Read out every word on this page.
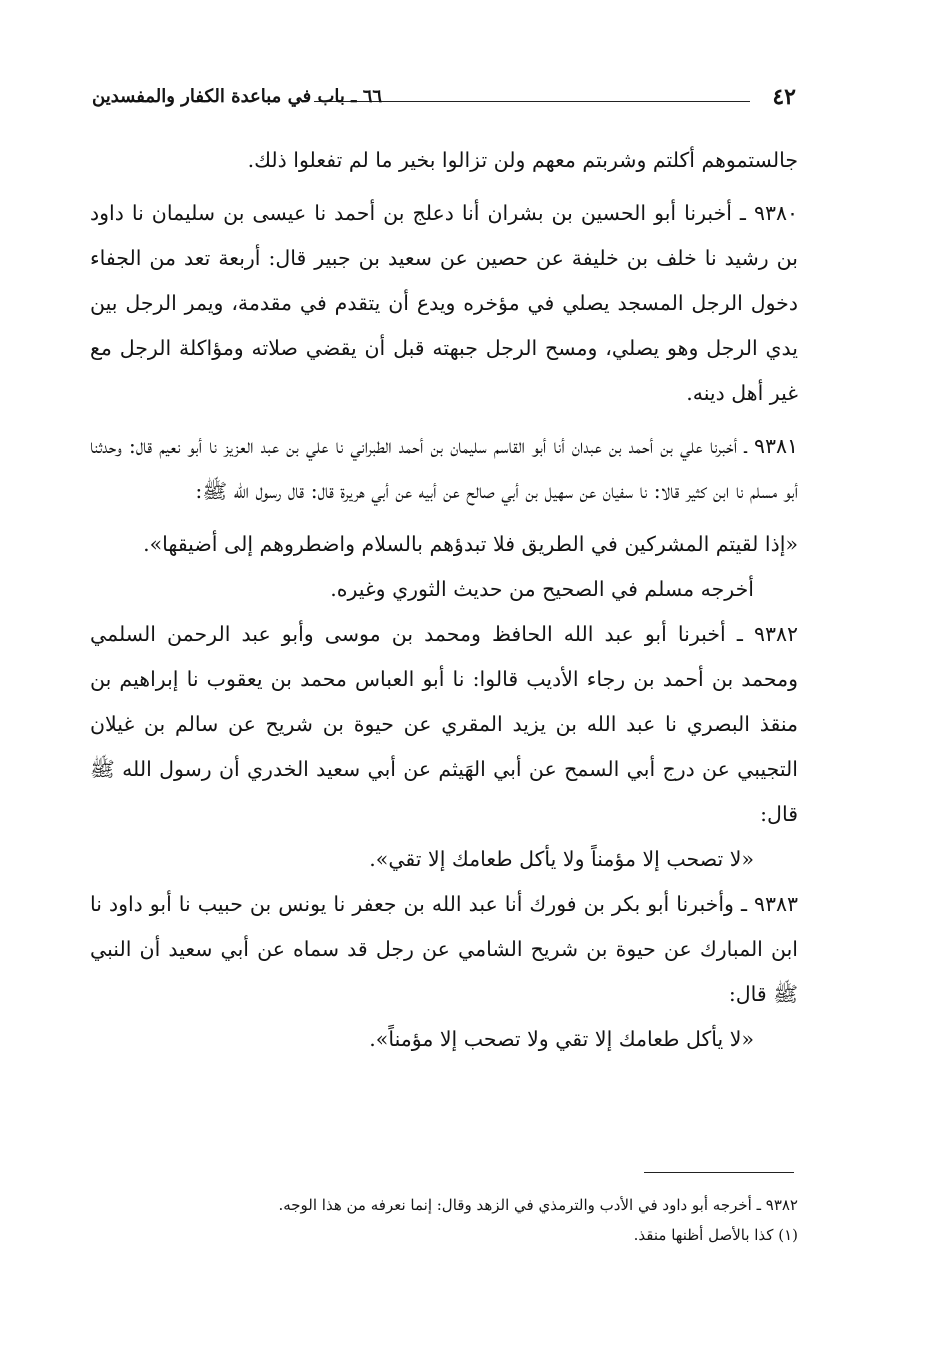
٤٢
٦٦ ـ باب في مباعدة الكفار والمفسدين

جالستموهم أكلتم وشربتم معهم ولن تزالوا بخير ما لم تفعلوا ذلك.

٩٣٨٠ ـ أخبرنا أبو الحسين بن بشران أنا دعلج بن أحمد نا عيسى بن سليمان نا داود بن رشيد نا خلف بن خليفة عن حصين عن سعيد بن جبير قال: أربعة تعد من الجفاء دخول الرجل المسجد يصلي في مؤخره ويدع أن يتقدم في مقدمة، ويمر الرجل بين يدي الرجل وهو يصلي، ومسح الرجل جبهته قبل أن يقضي صلاته ومؤاكلة الرجل مع غير أهل دينه.

٩٣٨١ ـ أخبرنا علي بن أحمد بن عبدان أنا أبو القاسم سليمان بن أحمد الطبراني نا علي بن عبد العزيز نا أبو نعيم قال: وحدثنا أبو مسلم نا ابن كثير قالا: نا سفيان عن سهيل بن أبي صالح عن أبيه عن أبي هريرة قال: قال رسول الله ﷺ:

«إذا لقيتم المشركين في الطريق فلا تبدؤهم بالسلام واضطروهم إلى أضيقها».

أخرجه مسلم في الصحيح من حديث الثوري وغيره.

٩٣٨٢ ـ أخبرنا أبو عبد الله الحافظ ومحمد بن موسى وأبو عبد الرحمن السلمي ومحمد بن أحمد بن رجاء الأديب قالوا: نا أبو العباس محمد بن يعقوب نا إبراهيم بن منقذ البصري نا عبد الله بن يزيد المقري عن حيوة بن شريح عن سالم بن غيلان التجيبي عن درج أبي السمح عن أبي الهَيثم عن أبي سعيد الخدري أن رسول الله ﷺ قال:

«لا تصحب إلا مؤمناً ولا يأكل طعامك إلا تقي».

٩٣٨٣ ـ وأخبرنا أبو بكر بن فورك أنا عبد الله بن جعفر نا يونس بن حبيب نا أبو داود نا ابن المبارك عن حيوة بن شريح الشامي عن رجل قد سماه عن أبي سعيد أن النبي ﷺ قال:

«لا يأكل طعامك إلا تقي ولا تصحب إلا مؤمناً».

٩٣٨٢ ـ أخرجه أبو داود في الأدب والترمذي في الزهد وقال: إنما نعرفه من هذا الوجه.

(١) كذا بالأصل أظنها منقذ.
